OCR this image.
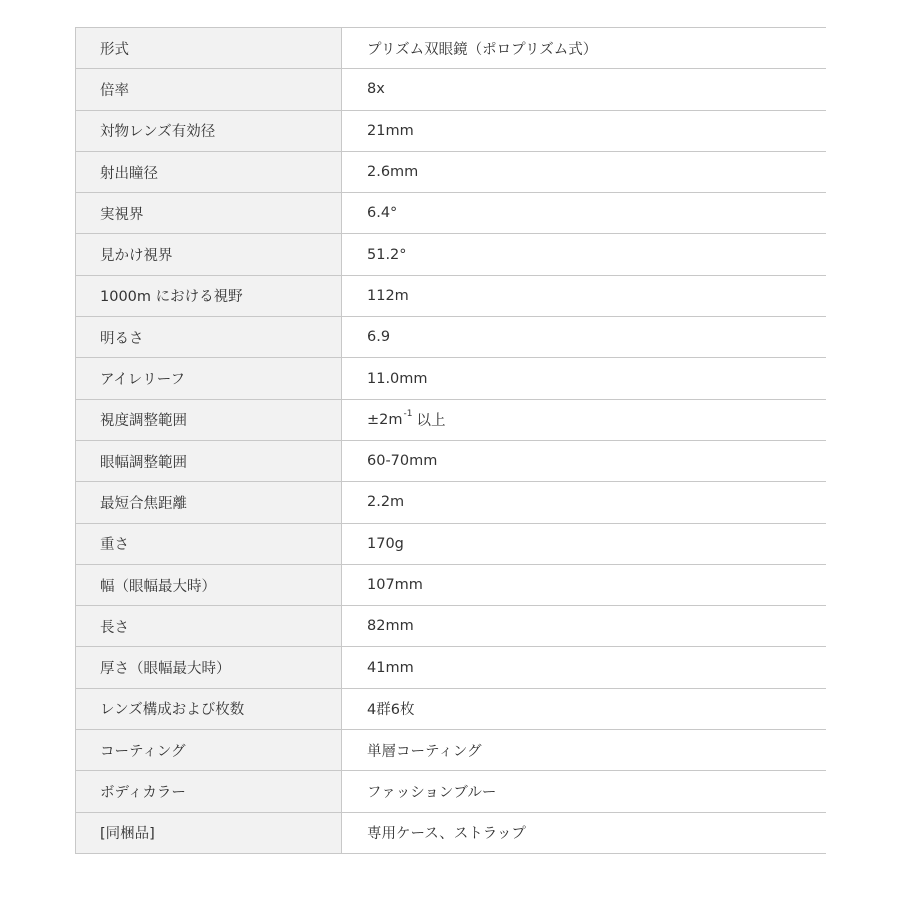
形式	プリズム双眼鏡（ポロプリズム式）
倍率	8x
対物レンズ有効径	21mm
射出瞳径	2.6mm
実視界	6.4°
見かけ視界	51.2°
1000m における視野	112m
明るさ	6.9
アイレリーフ	11.0mm
視度調整範囲	±2m -1 以上
眼幅調整範囲	60-70mm
最短合焦距離	2.2m
重さ	170g
幅（眼幅最大時）	107mm
長さ	82mm
厚さ（眼幅最大時）	41mm
レンズ構成および枚数	4群6枚
コーティング	単層コーティング
ボディカラー	ファッションブルー
[同梱品]	専用ケース、ストラップ
